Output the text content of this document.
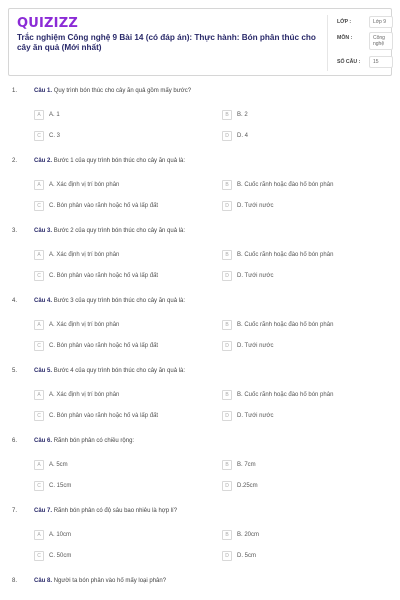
QUIZIZZ
Trắc nghiệm Công nghệ 9 Bài 14 (có đáp án): Thực hành: Bón phân thúc cho cây ăn quả (Mới nhất)
LỚP :	Lớp 9
MÔN :	Công nghệ
SỐ CÂU :	15
1.	Câu 1. Quy trình bón thúc cho cây ăn quả gồm mấy bước?
A	A. 1	B	B. 2
C	C. 3	D	D. 4
2.	Câu 2. Bước 1 của quy trình bón thúc cho cây ăn quả là:
A	A. Xác định vị trí bón phân	B	B. Cuốc rãnh hoặc đào hố bón phân
C	C. Bón phân vào rãnh hoặc hố và lấp đất	D	D. Tưới nước
3.	Câu 3. Bước 2 của quy trình bón thúc cho cây ăn quả là:
A	A. Xác định vị trí bón phân	B	B. Cuốc rãnh hoặc đào hố bón phân
C	C. Bón phân vào rãnh hoặc hố và lấp đất	D	D. Tưới nước
4.	Câu 4. Bước 3 của quy trình bón thúc cho cây ăn quả là:
A	A. Xác định vị trí bón phân	B	B. Cuốc rãnh hoặc đào hố bón phân
C	C. Bón phân vào rãnh hoặc hố và lấp đất	D	D. Tưới nước
5.	Câu 5. Bước 4 của quy trình bón thúc cho cây ăn quả là:
A	A. Xác định vị trí bón phân	B	B. Cuốc rãnh hoặc đào hố bón phân
C	C. Bón phân vào rãnh hoặc hố và lấp đất	D	D. Tưới nước
6.	Câu 6. Rãnh bón phân có chiều rộng:
A	A. 5cm	B	B. 7cm
C	C. 15cm	D	D.25cm
7.	Câu 7. Rãnh bón phân có độ sâu bao nhiêu là hợp lí?
A	A. 10cm	B	B. 20cm
C	C. 50cm	D	D. 5cm
8.	Câu 8. Người ta bón phân vào hố mấy loại phân?
